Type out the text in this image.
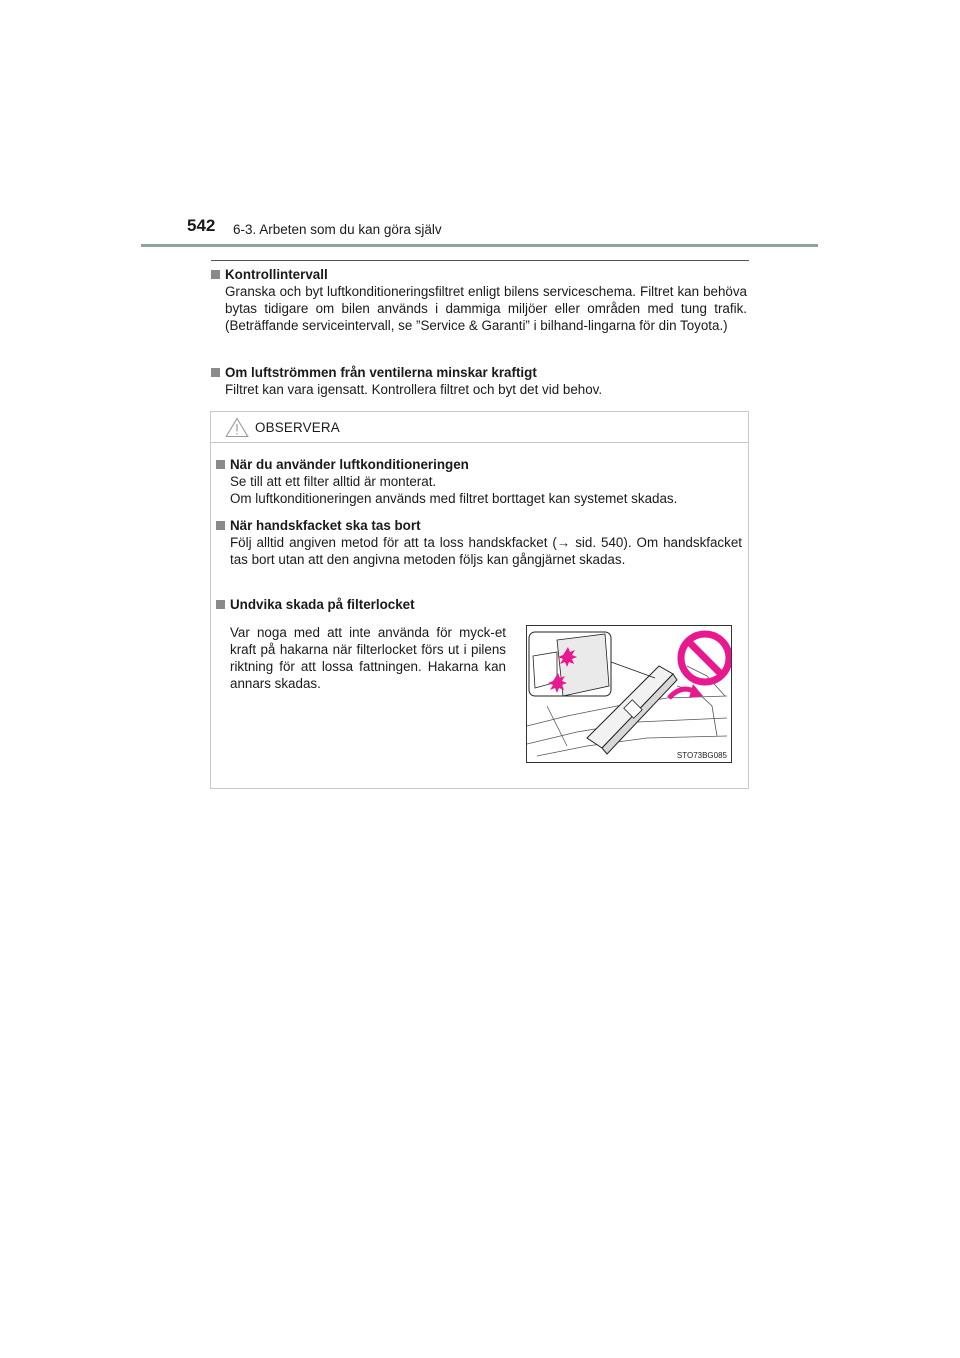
542 6-3. Arbeten som du kan göra själv
Kontrollintervall
Granska och byt luftkonditioneringsfiltret enligt bilens serviceschema. Filtret kan behöva bytas tidigare om bilen används i dammiga miljöer eller områden med tung trafik. (Beträffande serviceintervall, se ”Service & Garanti” i bilhand-lingarna för din Toyota.)
Om luftströmmen från ventilerna minskar kraftigt
Filtret kan vara igensatt. Kontrollera filtret och byt det vid behov.
OBSERVERA
När du använder luftkonditioneringen
Se till att ett filter alltid är monterat.
Om luftkonditioneringen används med filtret borttaget kan systemet skadas.
När handskfacket ska tas bort
Följ alltid angiven metod för att ta loss handskfacket (→ sid. 540). Om handskfacket tas bort utan att den angivna metoden följs kan gångjärnet skadas.
Undvika skada på filterlocket
Var noga med att inte använda för myck-et kraft på hakarna när filterlocket förs ut i pilens riktning för att lossa fattningen. Hakarna kan annars skadas.
STO73BG085
